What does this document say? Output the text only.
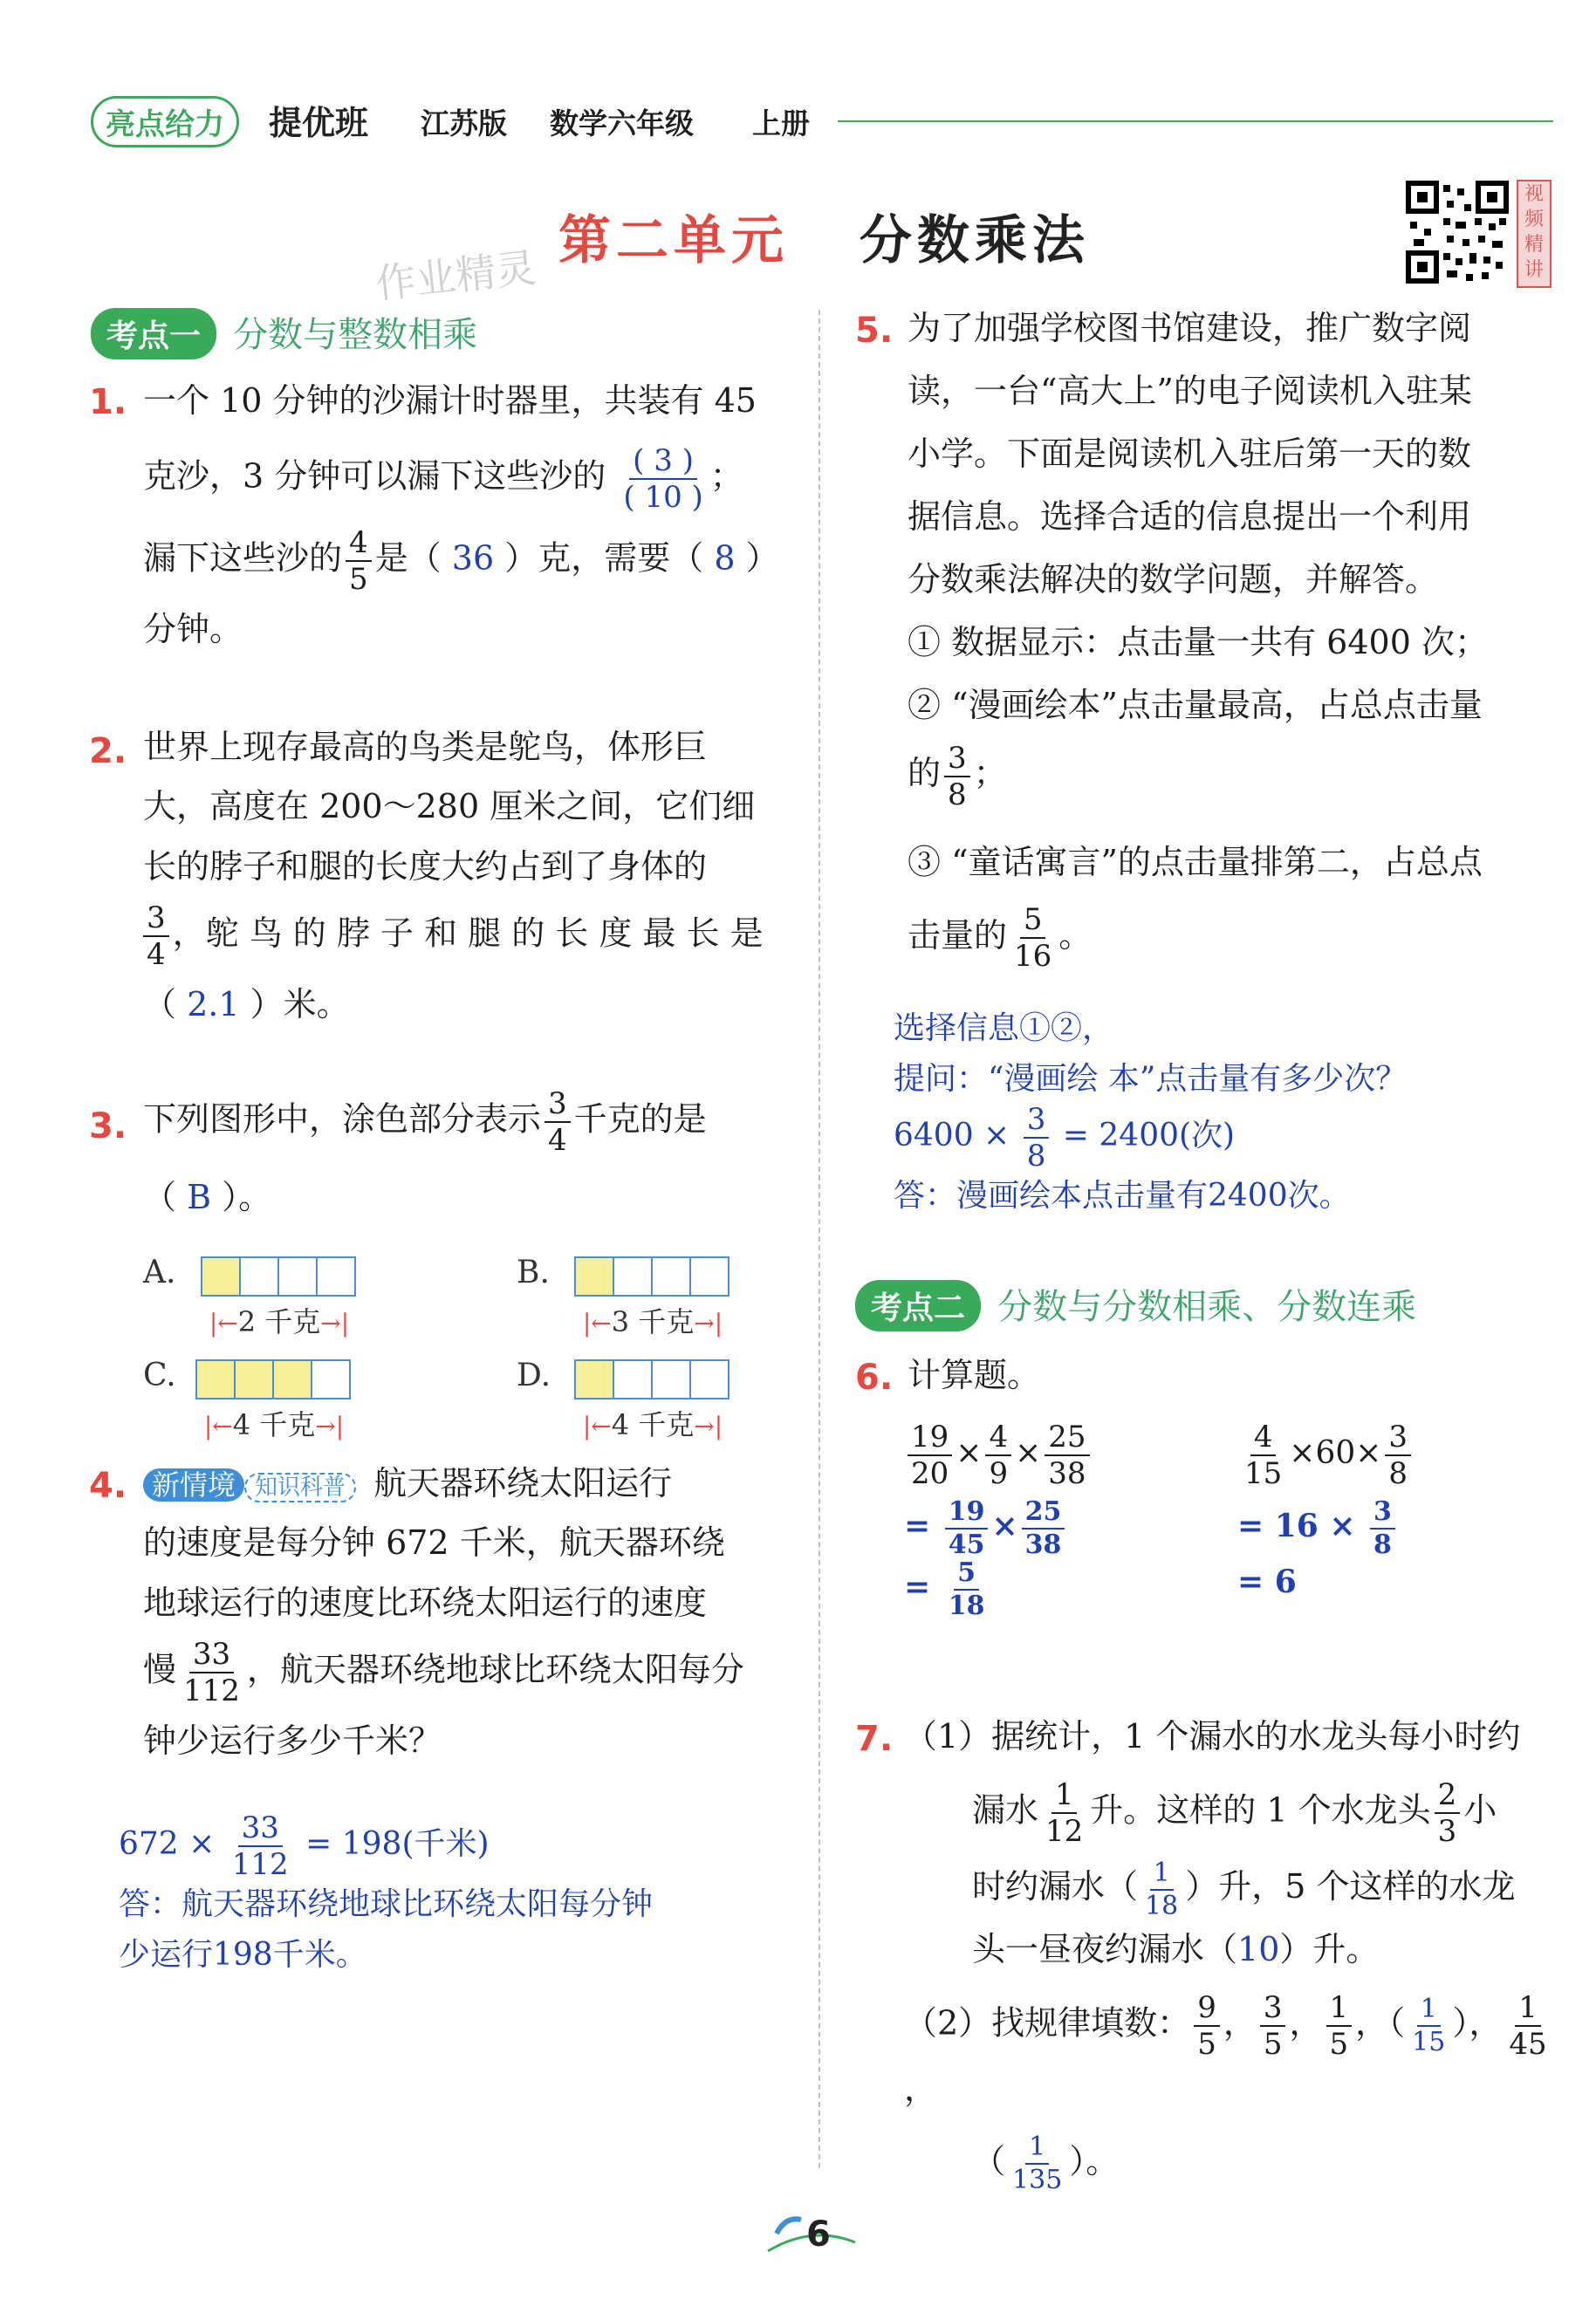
亮点给力	提优班 江苏版 数学六年级 上册
视
频
精
讲
第二单元 分数乘法
作业精灵
考点一 分数与整数相乘
1. 一个 10 分钟的沙漏计时器里，共装有 45
克沙，3 分钟可以漏下这些沙的 $\frac{( 3 )}{( 10 )}$ ；
漏下这些沙的 $\frac{4}{5}$ 是（ 36 ）克，需要（ 8 ）
分钟。
2. 世界上现存最高的鸟类是鸵鸟，体形巨
大，高度在 200～280 厘米之间，它们细
长的脖子和腿的长度大约占到了身体的
$\frac{3}{4}$ ，鸵 鸟 的 脖 子 和 腿 的 长 度 最 长 是
（ 2.1 ）米。
3. 下列图形中，涂色部分表示 $\frac{3}{4}$ 千克的是
（ B ）。
A.
|←2 千克→|
B.
|←3 千克→|
C.
|←4 千克→|
D.
|←4 千克→|
4. 新情境 知识科普 航天器环绕太阳运行
的速度是每分钟 672 千米，航天器环绕
地球运行的速度比环绕太阳运行的速度
慢 $\frac{33}{112}$ ，航天器环绕地球比环绕太阳每分
钟少运行多少千米？
$672 \times \frac{33}{112} = 198$(千米)
答：航天器环绕地球比环绕太阳每分钟
少运行198千米。
5. 为了加强学校图书馆建设，推广数字阅
读，一台“高大上”的电子阅读机入驻某
小学。下面是阅读机入驻后第一天的数
据信息。选择合适的信息提出一个利用
分数乘法解决的数学问题，并解答。
① 数据显示：点击量一共有 6400 次；
② “漫画绘本”点击量最高，占总点击量
的 $\frac{3}{8}$ ；
③ “童话寓言”的点击量排第二，占总点
击量的 $\frac{5}{16}$ 。
选择信息①②，
提问：“漫画绘 本”点击量有多少次？
$6400 \times \frac{3}{8} = 2400$(次)
答：漫画绘本点击量有2400次。
考点二 分数与分数相乘、分数连乘
6. 计算题。
$\frac{19}{20} \times \frac{4}{9} \times \frac{25}{38}$
= $\frac{19}{45} \times \frac{25}{38}$
= $\frac{5}{18}$
$\frac{4}{15} \times 60\times \frac{3}{8}$
= $16 \times \frac{3}{8}$
= 6
7. （1）据统计，1 个漏水的水龙头每小时约
漏水 $\frac{1}{12}$ 升。这样的 1 个水龙头 $\frac{2}{3}$ 小
时约漏水（ $\frac{1}{18}$ ）升，5 个这样的水龙
头一昼夜约漏水（10）升。
（2）找规律填数： $\frac{9}{5}$ ， $\frac{3}{5}$ ， $\frac{1}{5}$ ，（ $\frac{1}{15}$ ）， $\frac{1}{45}$
，
（ $\frac{1}{135}$ ）。
6
